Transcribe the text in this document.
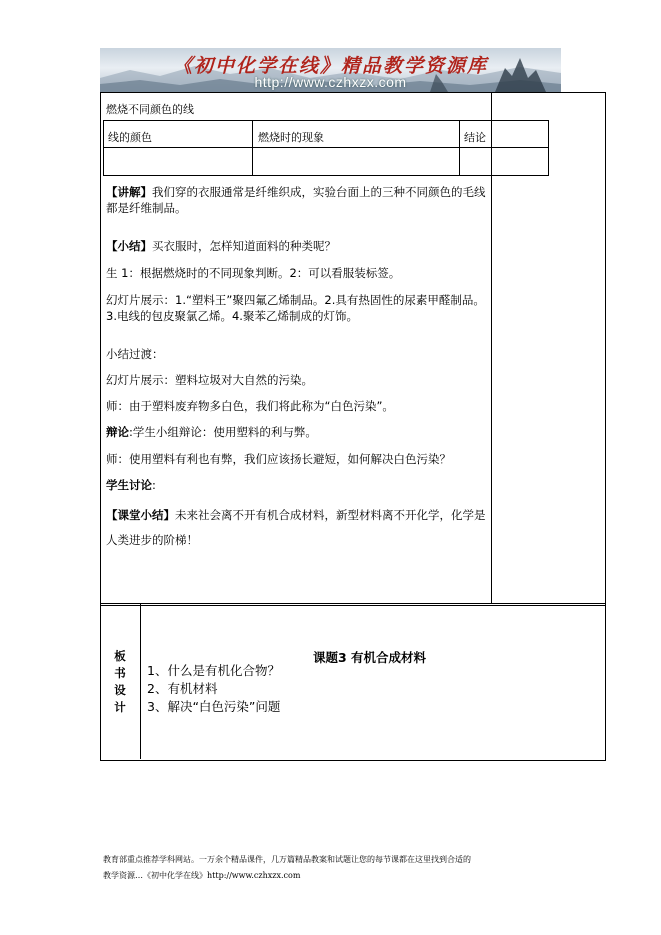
《初中化学在线》精品教学资源库
http://www.czhxzx.com
燃烧不同颜色的线
线的颜色	燃烧时的现象	结论
【讲解】我们穿的衣服通常是纤维织成，实验台面上的三种不同颜色的毛线都是纤维制品。
【小结】买衣服时，怎样知道面料的种类呢？
生 1：根据燃烧时的不同现象判断。2：可以看服装标签。
幻灯片展示：1.“塑料王”聚四氟乙烯制品。2.具有热固性的尿素甲醛制品。3.电线的包皮聚氯乙烯。4.聚苯乙烯制成的灯饰。
小结过渡：
幻灯片展示：塑料垃圾对大自然的污染。
师：由于塑料废弃物多白色，我们将此称为“白色污染”。
辩论:学生小组辩论：使用塑料的利与弊。
师：使用塑料有利也有弊，我们应该扬长避短，如何解决白色污染？
学生讨论:
【课堂小结】未来社会离不开有机合成材料，新型材料离不开化学，化学是人类进步的阶梯！
板
书
设
计
课题3 有机合成材料
1、什么是有机化合物？
2、有机材料
3、解决“白色污染”问题
教育部重点推荐学科网站。一万余个精品课件，几万篇精品教案和试题让您的每节课都在这里找到合适的
教学资源…《初中化学在线》http://www.czhxzx.com
